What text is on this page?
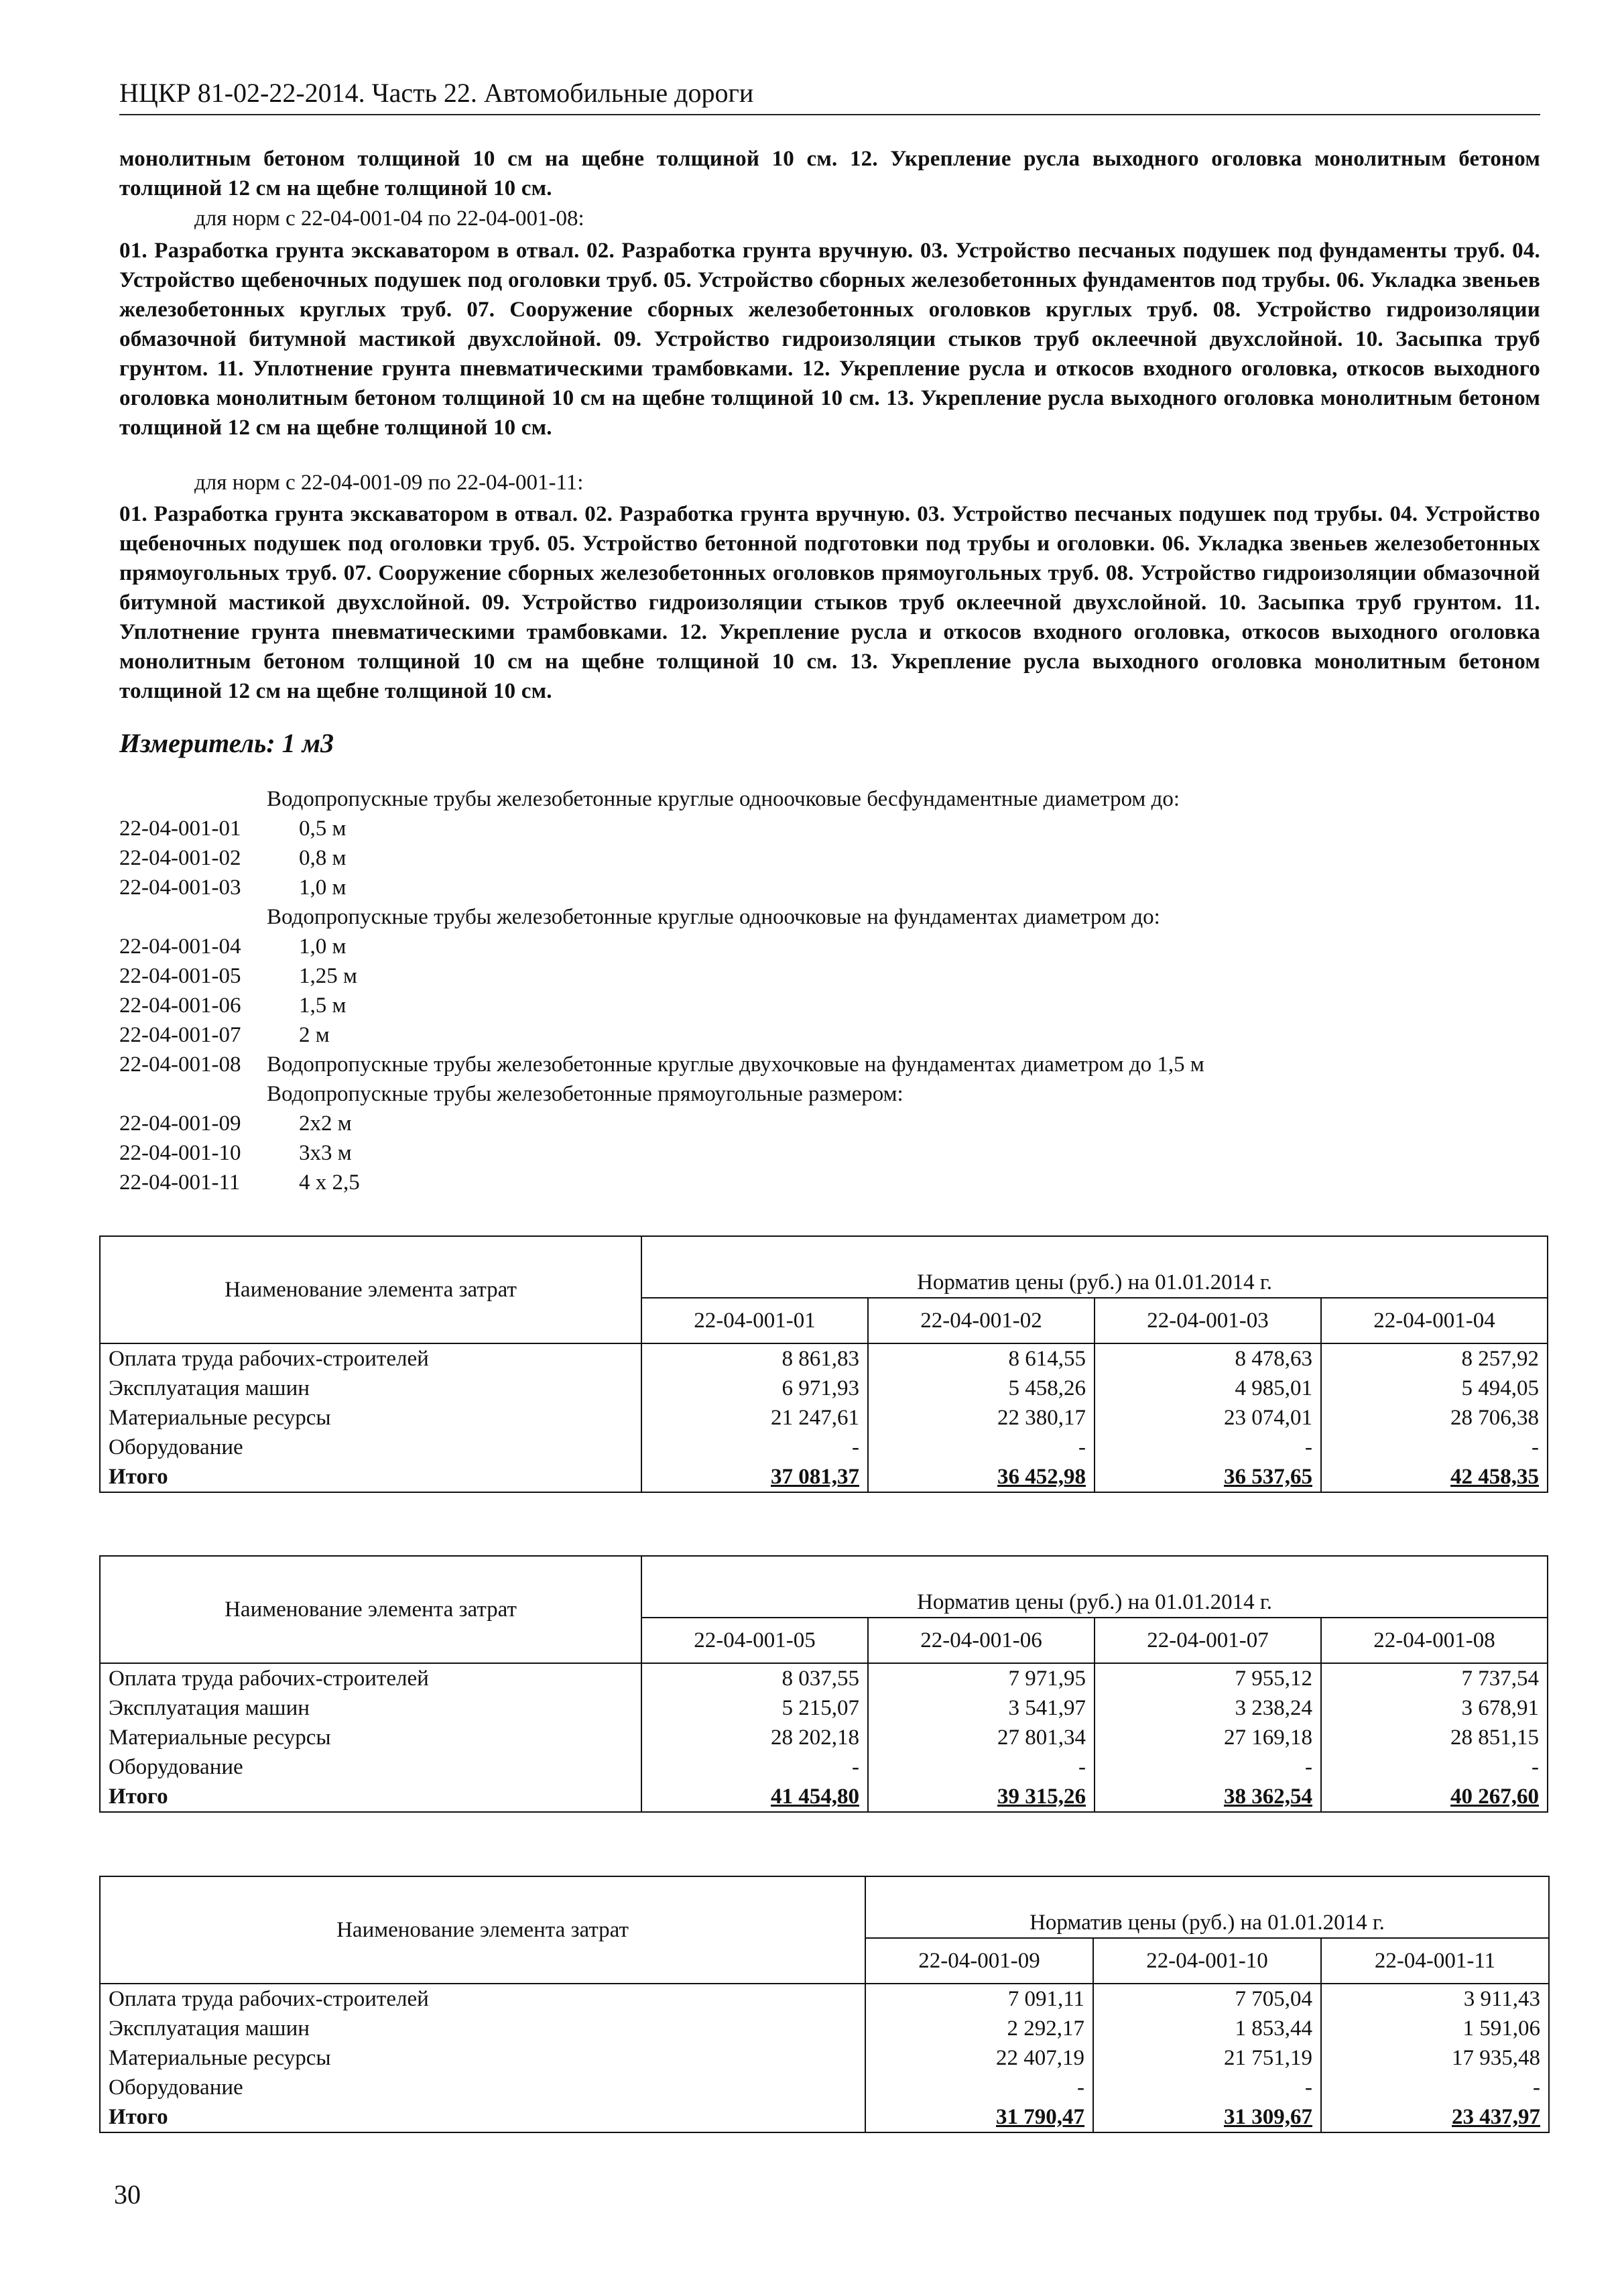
НЦКР 81-02-22-2014. Часть 22. Автомобильные дороги
монолитным бетоном толщиной 10 см на щебне толщиной 10 см. 12. Укрепление русла выходного оголовка монолитным бетоном толщиной 12 см на щебне толщиной 10 см.
для норм с 22-04-001-04 по 22-04-001-08:
01. Разработка грунта экскаватором в отвал. 02. Разработка грунта вручную. 03. Устройство песчаных подушек под фундаменты труб. 04. Устройство щебеночных подушек под оголовки труб. 05. Устройство сборных железобетонных фундаментов под трубы. 06. Укладка звеньев железобетонных круглых труб. 07. Сооружение сборных железобетонных оголовков круглых труб. 08. Устройство гидроизоляции обмазочной битумной мастикой двухслойной. 09. Устройство гидроизоляции стыков труб оклеечной двухслойной. 10. Засыпка труб грунтом. 11. Уплотнение грунта пневматическими трамбовками. 12. Укрепление русла и откосов входного оголовка, откосов выходного оголовка монолитным бетоном толщиной 10 см на щебне толщиной 10 см. 13. Укрепление русла выходного оголовка монолитным бетоном толщиной 12 см на щебне толщиной 10 см.
для норм с 22-04-001-09 по 22-04-001-11:
01. Разработка грунта экскаватором в отвал. 02. Разработка грунта вручную. 03. Устройство песчаных подушек под трубы. 04. Устройство щебеночных подушек под оголовки труб. 05. Устройство бетонной подготовки под трубы и оголовки. 06. Укладка звеньев железобетонных прямоугольных труб. 07. Сооружение сборных железобетонных оголовков прямоугольных труб. 08. Устройство гидроизоляции обмазочной битумной мастикой двухслойной. 09. Устройство гидроизоляции стыков труб оклеечной двухслойной. 10. Засыпка труб грунтом. 11. Уплотнение грунта пневматическими трамбовками. 12. Укрепление русла и откосов входного оголовка, откосов выходного оголовка монолитным бетоном толщиной 10 см на щебне толщиной 10 см. 13. Укрепление русла выходного оголовка монолитным бетоном толщиной 12 см на щебне толщиной 10 см.
Измеритель: 1 м3
Водопропускные трубы железобетонные круглые одноочковые бесфундаментные диаметром до:
22-04-001-01	0,5 м
22-04-001-02	0,8 м
22-04-001-03	1,0 м
Водопропускные трубы железобетонные круглые одноочковые на фундаментах диаметром до:
22-04-001-04	1,0 м
22-04-001-05	1,25 м
22-04-001-06	1,5 м
22-04-001-07	2 м
22-04-001-08	Водопропускные трубы железобетонные круглые двухочковые на фундаментах диаметром до 1,5 м
Водопропускные трубы железобетонные прямоугольные размером:
22-04-001-09	2х2 м
22-04-001-10	3х3 м
22-04-001-11	4 х 2,5
Наименование элемента затрат	Норматив цены (руб.) на 01.01.2014 г.			
	22-04-001-01	22-04-001-02	22-04-001-03	22-04-001-04
Оплата труда рабочих-строителей	8 861,83	8 614,55	8 478,63	8 257,92
Эксплуатация машин	6 971,93	5 458,26	4 985,01	5 494,05
Материальные ресурсы	21 247,61	22 380,17	23 074,01	28 706,38
Оборудование	-	-	-	-
Итого	37 081,37	36 452,98	36 537,65	42 458,35
Наименование элемента затрат	Норматив цены (руб.) на 01.01.2014 г.			
	22-04-001-05	22-04-001-06	22-04-001-07	22-04-001-08
Оплата труда рабочих-строителей	8 037,55	7 971,95	7 955,12	7 737,54
Эксплуатация машин	5 215,07	3 541,97	3 238,24	3 678,91
Материальные ресурсы	28 202,18	27 801,34	27 169,18	28 851,15
Оборудование	-	-	-	-
Итого	41 454,80	39 315,26	38 362,54	40 267,60
Наименование элемента затрат	Норматив цены (руб.) на 01.01.2014 г.		
	22-04-001-09	22-04-001-10	22-04-001-11
Оплата труда рабочих-строителей	7 091,11	7 705,04	3 911,43
Эксплуатация машин	2 292,17	1 853,44	1 591,06
Материальные ресурсы	22 407,19	21 751,19	17 935,48
Оборудование	-	-	-
Итого	31 790,47	31 309,67	23 437,97
30
